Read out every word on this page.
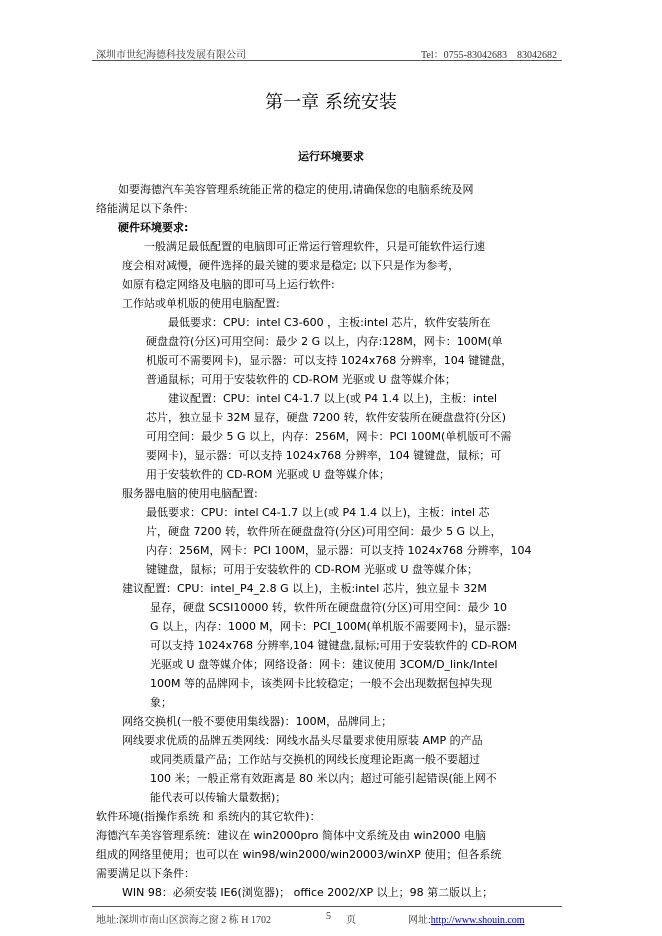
深圳市世纪海德科技发展有限公司	Tel：0755-83042683　83042682
第一章 系统安装
运行环境要求
如要海德汽车美容管理系统能正常的稳定的使用,请确保您的电脑系统及网
络能满足以下条件:
硬件环境要求:
一般满足最低配置的电脑即可正常运行管理软件，只是可能软件运行速
度会相对减慢，硬件选择的最关键的要求是稳定; 以下只是作为参考，
如原有稳定网络及电脑的即可马上运行软件:
工作站或单机版的使用电脑配置:
最低要求：CPU：intel C3-600 ，主板:intel 芯片，软件安装所在
硬盘盘符(分区)可用空间：最少 2 G 以上，内存:128M，网卡：100M(单
机版可不需要网卡)，显示器：可以支持 1024x768 分辨率，104 键键盘，
普通鼠标；可用于安装软件的 CD-ROM 光驱或 U 盘等媒介体；
建议配置：CPU：intel C4-1.7 以上(或 P4 1.4 以上)，主板：intel
芯片，独立显卡 32M 显存，硬盘 7200 转，软件安装所在硬盘盘符(分区)
可用空间：最少 5 G 以上，内存：256M，网卡：PCI 100M(单机版可不需
要网卡)，显示器：可以支持 1024x768 分辨率，104 键键盘，鼠标；可
用于安装软件的 CD-ROM 光驱或 U 盘等媒介体；
服务器电脑的使用电脑配置:
最低要求：CPU：intel C4-1.7 以上(或 P4 1.4 以上)，主板：intel 芯
片，硬盘 7200 转，软件所在硬盘盘符(分区)可用空间：最少 5 G 以上，
内存：256M，网卡：PCI 100M，显示器：可以支持 1024x768 分辨率，104
键键盘，鼠标；可用于安装软件的 CD-ROM 光驱或 U 盘等媒介体；
建议配置：CPU：intel_P4_2.8 G 以上)，主板:intel 芯片，独立显卡 32M
显存，硬盘 SCSI10000 转，软件所在硬盘盘符(分区)可用空间：最少 10
G 以上，内存：1000 M，网卡：PCI_100M(单机版不需要网卡)，显示器:
可以支持 1024x768 分辨率,104 键键盘,鼠标;可用于安装软件的 CD-ROM
光驱或 U 盘等媒介体；网络设备：网卡：建议使用 3COM/D_link/Intel
100M 等的品牌网卡，该类网卡比较稳定；一般不会出现数据包掉失现
象；
网络交换机(一般不要使用集线器)：100M，品牌同上；
网线要求优质的品牌五类网线：网线水晶头尽量要求使用原装 AMP 的产品
或同类质量产品；工作站与交换机的网线长度理论距离一般不要超过
100 米；一般正常有效距离是 80 米以内；超过可能引起错误(能上网不
能代表可以传输大量数据)；
软件环境(指操作系统 和 系统内的其它软件)：
海德汽车美容管理系统：建议在 win2000pro 简体中文系统及由 win2000 电脑
组成的网络里使用；也可以在 win98/win2000/win20003/winXP 使用；但各系统
需要满足以下条件：
WIN 98：必须安装 IE6(浏览器)； office 2002/XP 以上；98 第二版以上；
地址:深圳市南山区滨海之窗 2 栋 H 1702	5 页	网址:http://www.shouin.com
